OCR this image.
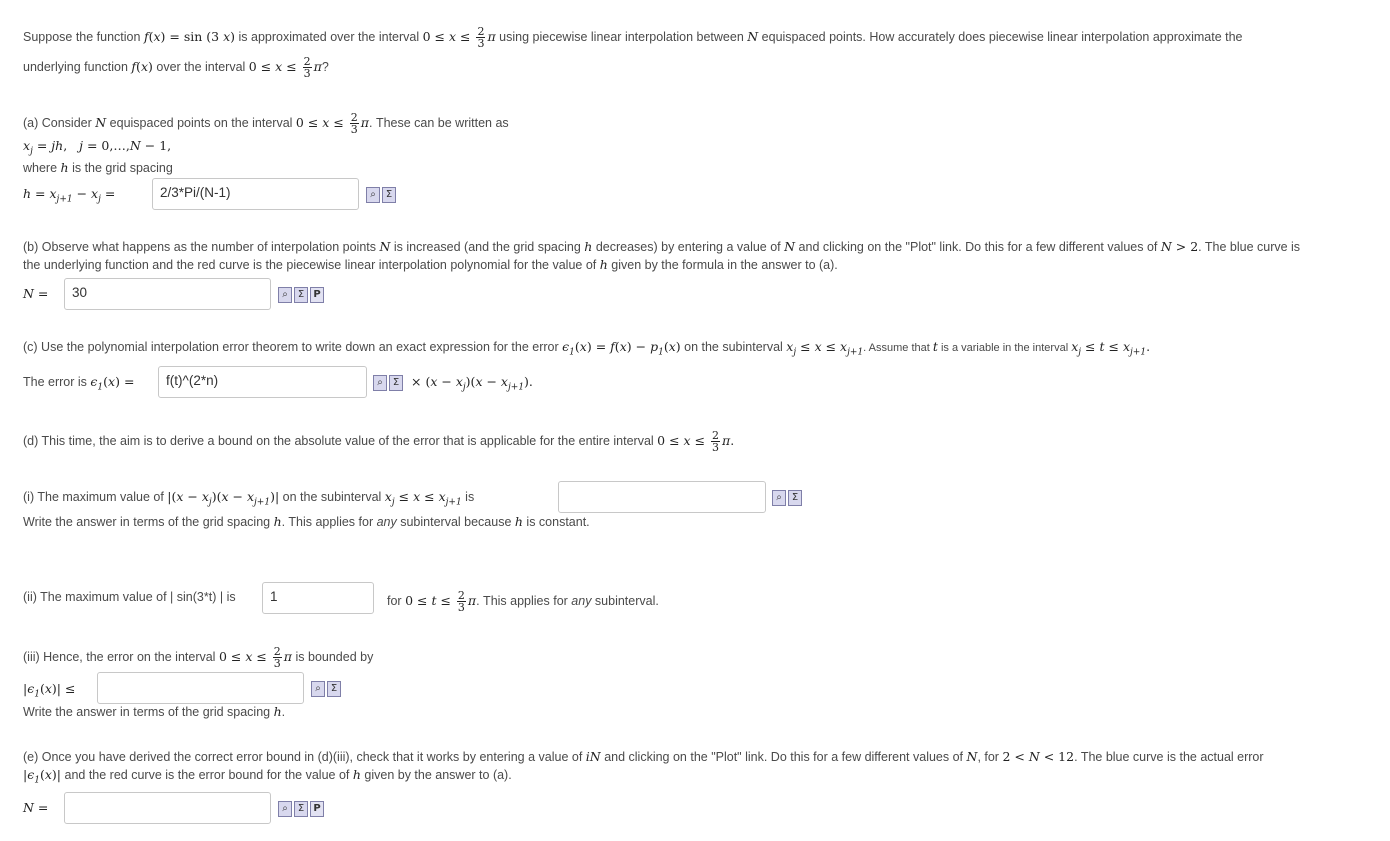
Suppose the function f(x) = sin (3 x) is approximated over the interval $0 \le x \le \frac{2}{3}$ π using piecewise linear interpolation between N equispaced points. How accurately does piecewise linear interpolation approximate the
underlying function f(x) over the interval $0 \le x \le \frac{2}{3} \pi$?
(a) Consider N equispaced points on the interval $0 \le x \le \frac{2}{3} \pi$. These can be written as
$x_j$ = jh,   j = 0,…,N − 1,
where h is the grid spacing
$h = x_{j+1} - x_j$ =	2/3*Pi/(N-1)	⌕	Σ
(b) Observe what happens as the number of interpolation points N is increased (and the grid spacing h decreases) by entering a value of N and clicking on the "Plot" link. Do this for a few different values of N > 2. The blue curve is
the underlying function and the red curve is the piecewise linear interpolation polynomial for the value of h given by the formula in the answer to (a).
N =	30	⌕	Σ P
(c) Use the polynomial interpolation error theorem to write down an exact expression for the error $\epsilon_1(x) = f(x) - p_1(x)$ on the subinterval $x_j \le x \le x_{j+1}$. Assume that t is a variable in the interval $x_j \le t \le x_{j+1}$.
The error is $\epsilon_1(x)$ =	f(t)^(2*n)	⌕	$\Sigma \times (x - x_j)(x - x_{j+1})$.
(d) This time, the aim is to derive a bound on the absolute value of the error that is applicable for the entire interval $0 \le x \le \frac{2}{3} \pi$.
(i) The maximum value of $|(x - x_j)(x - x_{j+1})|$ on the subinterval $x_j \le x \le x_{j+1}$ is	⌕	Σ
Write the answer in terms of the grid spacing h. This applies for any subinterval because h is constant.
(ii) The maximum value of | sin(3*t) | is	1	for $0 \le t \le \frac{2}{3} \pi$. This applies for any subinterval.
(iii) Hence, the error on the interval $0 \le x \le \frac{2}{3}$ π is bounded by
$|\epsilon_1(x)|$ ≤	⌕	Σ
Write the answer in terms of the grid spacing h.
(e) Once you have derived the correct error bound in (d)(iii), check that it works by entering a value of iN and clicking on the "Plot" link. Do this for a few different values of N, for 2 < N < 12. The blue curve is the actual error
$|\epsilon_1(x)|$ and the red curve is the error bound for the value of h given by the answer to (a).
N =	⌕	Σ P
